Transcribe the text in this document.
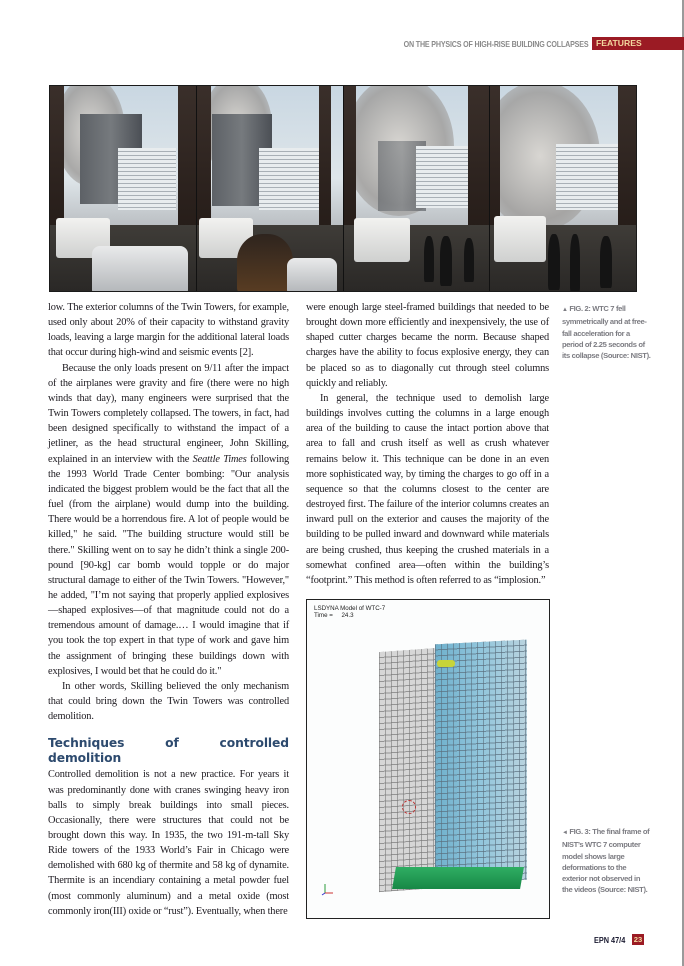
ON THE PHYSICS OF HIGH-RISE BUILDING COLLAPSES FEATURES

low. The exterior columns of the Twin Towers, for example, used only about 20% of their capacity to withstand gravity loads, leaving a large margin for the additional lateral loads that occur during high-wind and seismic events [2].

Because the only loads present on 9/11 after the impact of the airplanes were gravity and fire (there were no high winds that day), many engineers were surprised that the Twin Towers completely collapsed. The towers, in fact, had been designed specifically to withstand the impact of a jetliner, as the head structural engineer, John Skilling, explained in an interview with the Seattle Times following the 1993 World Trade Center bombing: "Our analysis indicated the biggest problem would be the fact that all the fuel (from the airplane) would dump into the building. There would be a horrendous fire. A lot of people would be killed," he said. "The building structure would still be there." Skilling went on to say he didn’t think a single 200-pound [90-kg] car bomb would topple or do major structural damage to either of the Twin Towers. "However," he added, "I’m not saying that properly applied explosives—shaped explosives—of that magnitude could not do a tremendous amount of damage.… I would imagine that if you took the top expert in that type of work and gave him the assignment of bringing these buildings down with explosives, I would bet that he could do it."

In other words, Skilling believed the only mechanism that could bring down the Twin Towers was controlled demolition.

Techniques of controlled demolition

Controlled demolition is not a new practice. For years it was predominantly done with cranes swinging heavy iron balls to simply break buildings into small pieces. Occasionally, there were structures that could not be brought down this way. In 1935, the two 191-m-tall Sky Ride towers of the 1933 World’s Fair in Chicago were demolished with 680 kg of thermite and 58 kg of dynamite. Thermite is an incendiary containing a metal powder fuel (most commonly aluminum) and a metal oxide (most commonly iron(III) oxide or “rust”). Eventually, when there

were enough large steel-framed buildings that needed to be brought down more efficiently and inexpensively, the use of shaped cutter charges became the norm. Because shaped charges have the ability to focus explosive energy, they can be placed so as to diagonally cut through steel columns quickly and reliably.

In general, the technique used to demolish large buildings involves cutting the columns in a large enough area of the building to cause the intact portion above that area to fall and crush itself as well as crush whatever remains below it. This technique can be done in an even more sophisticated way, by timing the charges to go off in a sequence so that the columns closest to the center are destroyed first. The failure of the interior columns creates an inward pull on the exterior and causes the majority of the building to be pulled inward and downward while materials are being crushed, thus keeping the crushed materials in a somewhat confined area—often within the building’s “footprint.” This method is often referred to as “implosion.”

▲ FIG. 2: WTC 7 fell symmetrically and at free-fall acceleration for a period of 2.25 seconds of its collapse (Source: NIST).
LSDYNA Model of WTC-7
Time = 24.3
◄ FIG. 3: The final frame of NIST’s WTC 7 computer model shows large deformations to the exterior not observed in the videos (Source: NIST).
EPN 47/4 23
